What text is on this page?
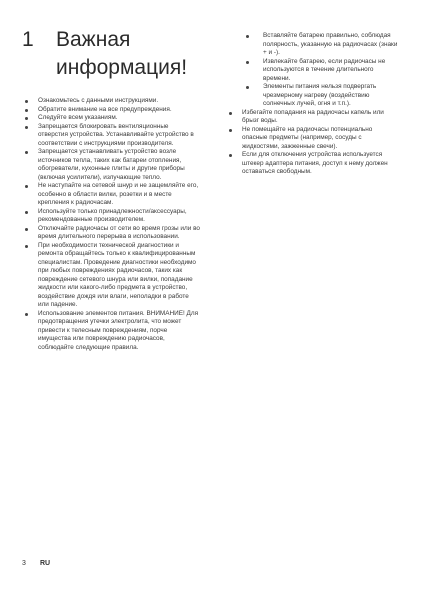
1 Важная информация!
Ознакомьтесь с данными инструкциями.
Обратите внимание на все предупреждения.
Следуйте всем указаниям.
Запрещается блокировать вентиляционные отверстия устройства. Устанавливайте устройство в соответствии с инструкциями производителя.
Запрещается устанавливать устройство возле источников тепла, таких как батареи отопления, обогреватели, кухонные плиты и другие приборы (включая усилители), излучающие тепло.
Не наступайте на сетевой шнур и не защемляйте его, особенно в области вилки, розетки и в месте крепления к радиочасам.
Используйте только принадлежности/аксессуары, рекомендованные производителем.
Отключайте радиочасы от сети во время грозы или во время длительного перерыва в использовании.
При необходимости технической диагностики и ремонта обращайтесь только к квалифицированным специалистам. Проведение диагностики необходимо при любых повреждениях радиочасов, таких как повреждение сетевого шнура или вилки, попадание жидкости или какого-либо предмета в устройство, воздействие дождя или влаги, неполадки в работе или падение.
Использование элементов питания. ВНИМАНИЕ! Для предотвращения утечки электролита, что может привести к телесным повреждениям, порче имущества или повреждению радиочасов, соблюдайте следующие правила.
Вставляйте батарею правильно, соблюдая полярность, указанную на радиочасах (знаки + и -).
Извлекайте батарею, если радиочасы не используются в течение длительного времени.
Элементы питания нельзя подвергать чрезмерному нагреву (воздействию солнечных лучей, огня и т.п.).
Избегайте попадания на радиочасы капель или брызг воды.
Не помещайте на радиочасы потенциально опасные предметы (например, сосуды с жидкостями, зажженные свечи).
Если для отключения устройства используется штекер адаптера питания, доступ к нему должен оставаться свободным.
3 RU
